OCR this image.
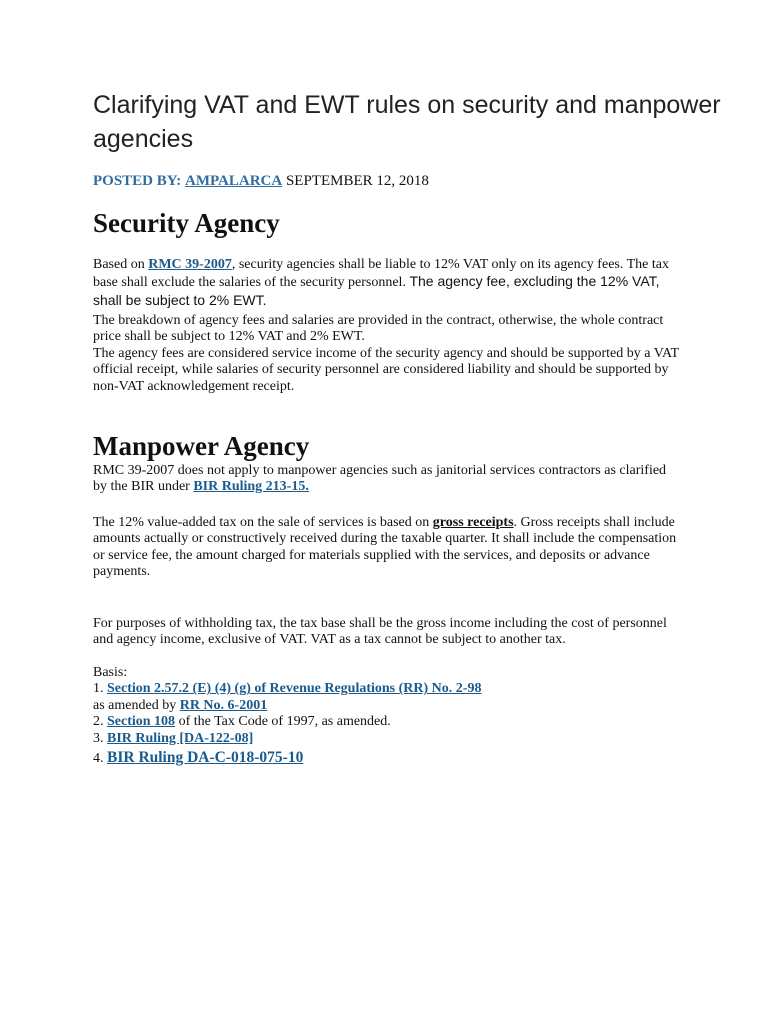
Clarifying VAT and EWT rules on security and manpower agencies

POSTED BY: AMPALARCA SEPTEMBER 12, 2018

Security Agency

Based on RMC 39-2007, security agencies shall be liable to 12% VAT only on its agency fees. The tax base shall exclude the salaries of the security personnel. The agency fee, excluding the 12% VAT, shall be subject to 2% EWT.

The breakdown of agency fees and salaries are provided in the contract, otherwise, the whole contract price shall be subject to 12% VAT and 2% EWT.

The agency fees are considered service income of the security agency and should be supported by a VAT official receipt, while salaries of security personnel are considered liability and should be supported by non-VAT acknowledgement receipt.

Manpower Agency

RMC 39-2007 does not apply to manpower agencies such as janitorial services contractors as clarified by the BIR under BIR Ruling 213-15.

The 12% value-added tax on the sale of services is based on gross receipts. Gross receipts shall include amounts actually or constructively received during the taxable quarter. It shall include the compensation or service fee, the amount charged for materials supplied with the services, and deposits or advance payments.

For purposes of withholding tax, the tax base shall be the gross income including the cost of personnel and agency income, exclusive of VAT. VAT as a tax cannot be subject to another tax.

Basis:
1. Section 2.57.2 (E) (4) (g) of Revenue Regulations (RR) No. 2-98
as amended by RR No. 6-2001
2. Section 108 of the Tax Code of 1997, as amended.
3. BIR Ruling [DA-122-08]
4. BIR Ruling DA-C-018-075-10
